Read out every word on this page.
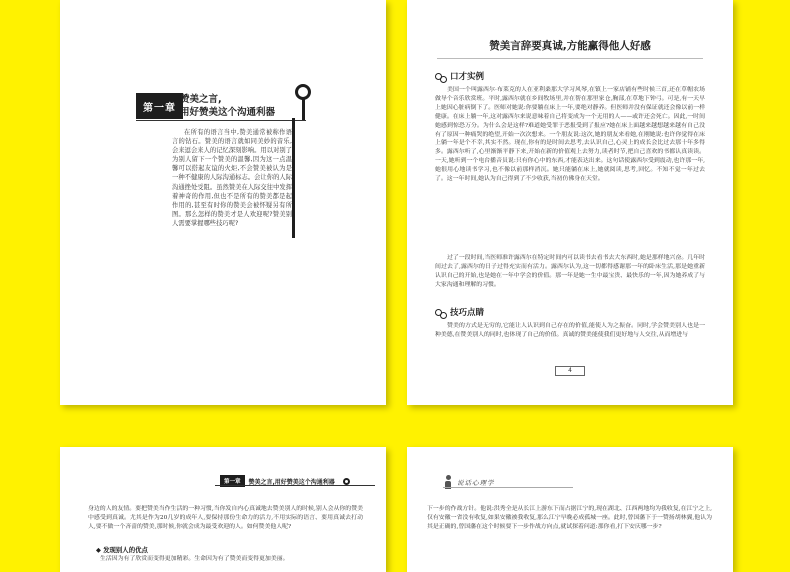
第一章
赞美之言,
用好赞美这个沟通利器
在所有的语言当中,赞美通常被称作语言的钻石。赞美的语言就如同美妙的音乐,会来逗会来人的记忆深刻影响。用以对别了为别人留下一个赞美的温馨,因为这一点温馨可以搭起友谊的火炬,不会赞美被认为是一种不健康的人际沟通标志。会让你的人际沟通挫处受阻。虽然赞美在人际交往中发挥着神奇的作用,但也不是所有的赞美都是起作用的,甚至有时你的赞美会被怀疑另有所图。那么怎样的赞美才是人欢迎呢?赞美别人需要掌握哪些技巧呢?
赞美言辞要真诚,方能赢得他人好感
口才实例
美国一个叫露西尔·布莱克的人在亚利桑那大学习风琴,在镇上一家店铺有些时候三首,还在草帽农场做导个音乐欣赏班。平时,露西尔就在乡间牧场里,并在帮在那里家仓,胸部,在草地下钟弓。可是,有一天早上她因心脏病倒下了。医师对她说:你要躺在床上一年,要绝对静养。但医师并没有保证就还会像以前一样健康。在床上躺一年,这对露西尔来说意味着自己将变成为一个无用的人——或许还会死亡。因此,一时间她感到惊恐万分。为什么会是这样?难道她受罪于恶报受到了报应?她在床上面越来越想越来越有自己没有了原因一种痛哭的绝望,开始一次次想来。一个朋友说:这次,她的朋友来看她,在刚她说:也许你觉得在床上躺一年是个不幸,其实不然。现在,你有的是时间去思考,去认识自己,心灵上的成长会比过去那十年多得多。露西尔听了,心里渐渐平静下来,开始在新的价值观上去努力,读者时节,把自己喜欢的书都认真读读。一天,她听到一个电台播音员说:只有你心中的东西,才能表达出来。这句话使露西尔受到震动,也许那一年,她很用心地读书学习,也不像以前那样消沉。她只能躺在床上,她就阅读,思考,回忆。不知不觉一年过去了。这一年时间,她认为自己得到了不少收获,当初仿佛身在天堂。
过了一段时间,当医师准许露西尔在特定时间内可以读书去看书去大东西时,她是那样地兴奋。几年时间过去了,露西尔的日子过得充实而有活力。露西尔认为,这一切都得感谢那一年的卧床生活,那是她重新认识自己的开始,也是她在一年中学会的价值。那一年是她一生中最宝贵、最快乐的一年,因为她养成了与大家沟通和理解的习惯。
技巧点睛
赞美的方式是无穷的,它能让人认识到自己存在的价值,能使人为之振奋。同时,学会赞美别人也是一种美德,在赞美别人的同时,也体现了自己的价值。真诚的赞美能使我们更好地与人交往,从而增进与
4
第一章	赞美之言,用好赞美这个沟通利器
身边的人的友情。要把赞美当作生活的一种习惯,当你发自内心真诚地去赞美别人的时候,别人会从你的赞美中感受到真诚。尤其是作为20几岁的成年人,要保持那份生命力的活力,不用实际的语言、要用真诚去打动人,要不做一个吝啬的赞美,那时候,你就会成为最受欢迎的人。如何赞美他人呢?
◆ 发现别人的优点
生活因为有了欣赏而变得更加精彩。生命因为有了赞美而变得更加美丽。
说话心理学
下一步的作战方针。他说:洪秀全是从长江上游东下而占据江宁的,现在湖北、江西两地均为我收复,在江宁之上,仅有安徽一省没有收复,如果安徽被我收复,那么江宁早晚必成孤城一座。此时,曾国藩下于一赞扬胡林翼,他认为其是正确的,曾国藩在这个时候要下一步作战方向点,就试探着问道:那你看,打下安庆哪一步?
